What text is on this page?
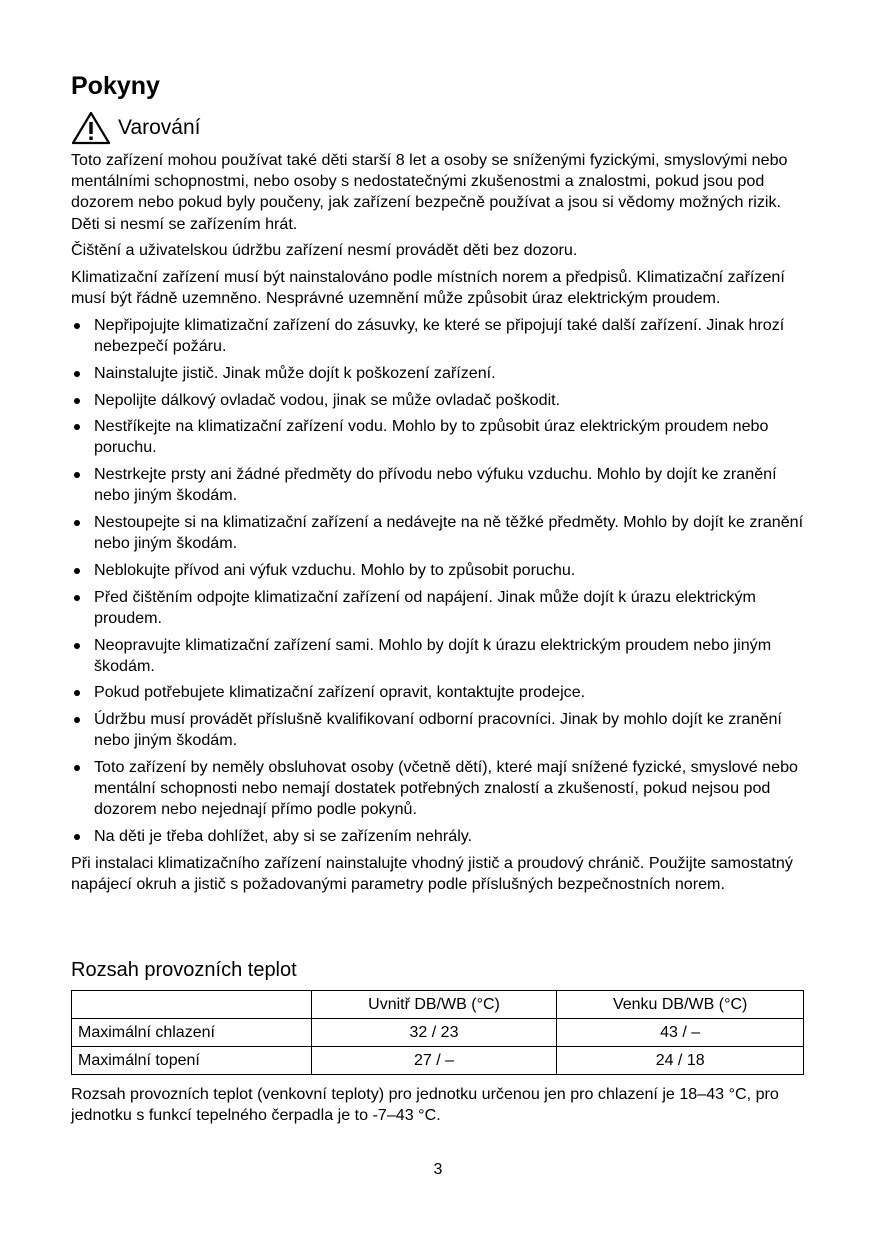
Pokyny
Varování

Toto zařízení mohou používat také děti starší 8 let a osoby se sníženými fyzickými, smyslovými nebo mentálními schopnostmi, nebo osoby s nedostatečnými zkušenostmi a znalostmi, pokud jsou pod dozorem nebo pokud byly poučeny, jak zařízení bezpečně používat a jsou si vědomy možných rizik. Děti si nesmí se zařízením hrát.

Čištění a uživatelskou údržbu zařízení nesmí provádět děti bez dozoru.

Klimatizační zařízení musí být nainstalováno podle místních norem a předpisů. Klimatizační zařízení musí být řádně uzemněno. Nesprávné uzemnění může způsobit úraz elektrickým proudem.

Nepřipojujte klimatizační zařízení do zásuvky, ke které se připojují také další zařízení. Jinak hrozí nebezpečí požáru.
Nainstalujte jistič. Jinak může dojít k poškození zařízení.
Nepolijte dálkový ovladač vodou, jinak se může ovladač poškodit.
Nestříkejte na klimatizační zařízení vodu. Mohlo by to způsobit úraz elektrickým proudem nebo poruchu.
Nestrkejte prsty ani žádné předměty do přívodu nebo výfuku vzduchu. Mohlo by dojít ke zranění nebo jiným škodám.
Nestoupejte si na klimatizační zařízení a nedávejte na ně těžké předměty. Mohlo by dojít ke zranění nebo jiným škodám.
Neblokujte přívod ani výfuk vzduchu. Mohlo by to způsobit poruchu.
Před čištěním odpojte klimatizační zařízení od napájení. Jinak může dojít k úrazu elektrickým proudem.
Neopravujte klimatizační zařízení sami. Mohlo by dojít k úrazu elektrickým proudem nebo jiným škodám.
Pokud potřebujete klimatizační zařízení opravit, kontaktujte prodejce.
Údržbu musí provádět příslušně kvalifikovaní odborní pracovníci. Jinak by mohlo dojít ke zranění nebo jiným škodám.
Toto zařízení by neměly obsluhovat osoby (včetně dětí), které mají snížené fyzické, smyslové nebo mentální schopnosti nebo nemají dostatek potřebných znalostí a zkušeností, pokud nejsou pod dozorem nebo nejednají přímo podle pokynů.
Na děti je třeba dohlížet, aby si se zařízením nehrály.

Při instalaci klimatizačního zařízení nainstalujte vhodný jistič a proudový chránič. Použijte samostatný napájecí okruh a jistič s požadovanými parametry podle příslušných bezpečnostních norem.

Rozsah provozních teplot
	Uvnitř DB/WB (°C)	Venku DB/WB (°C)
Maximální chlazení	32 / 23	43 / –
Maximální topení	27 / –	24 / 18

Rozsah provozních teplot (venkovní teploty) pro jednotku určenou jen pro chlazení je 18–43 °C, pro jednotku s funkcí tepelného čerpadla je to -7–43 °C.

3
